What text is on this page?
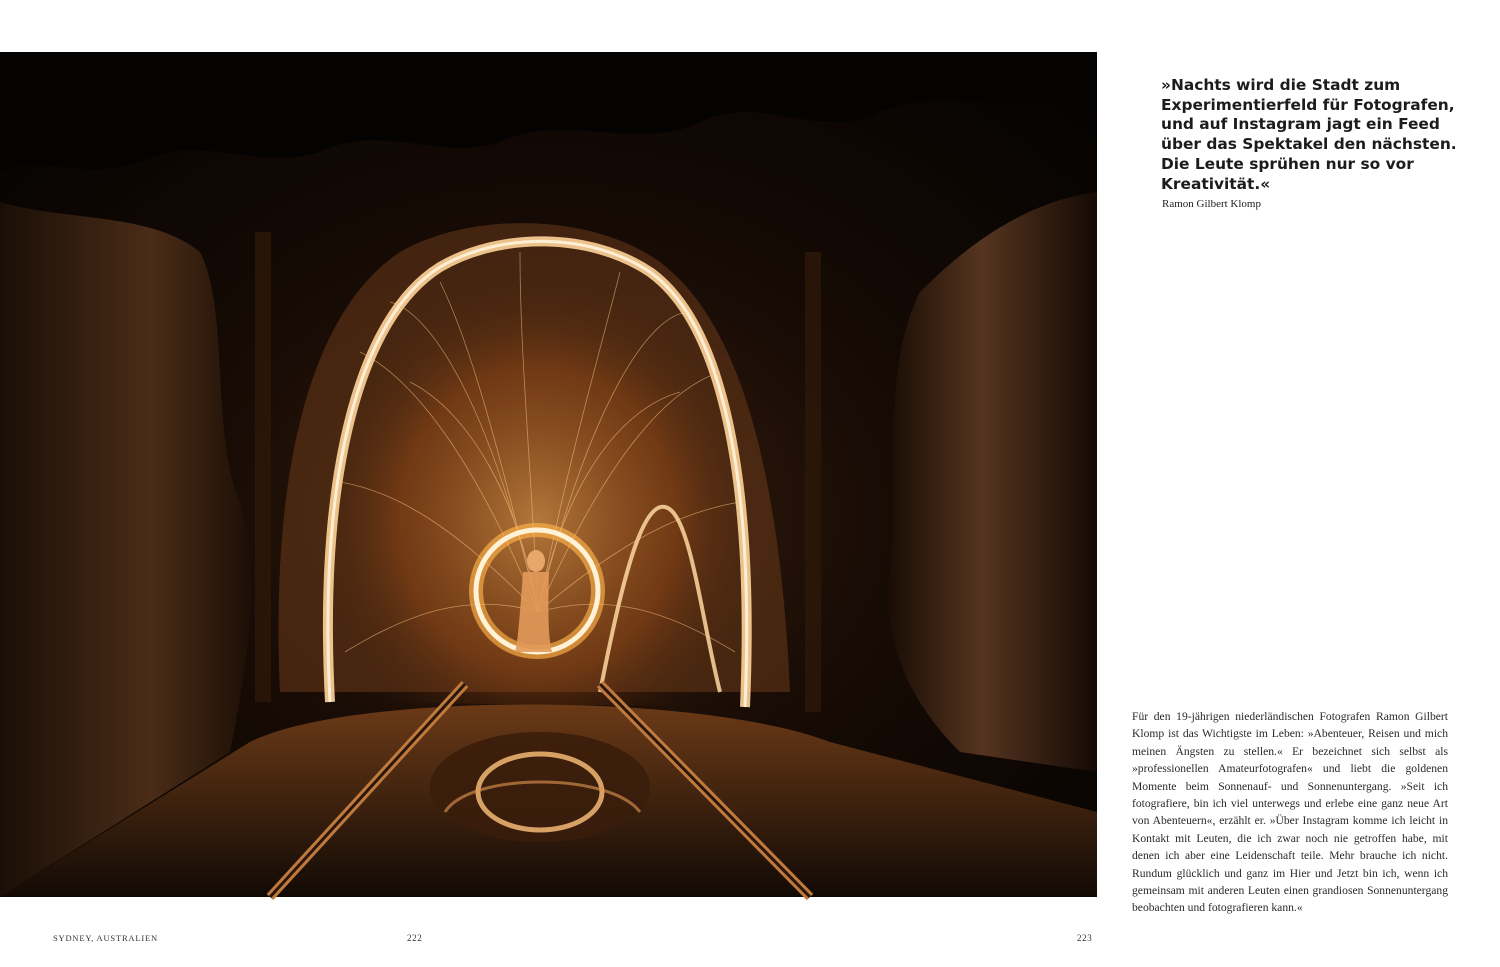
Die Tunnel of Helensburgh, Australien

»Nachts wird die Stadt zum Experimentierfeld für Fotografen, und auf Instagram jagt ein Feed über das Spektakel den nächsten. Die Leute sprühen nur so vor Kreativität.«

Ramon Gilbert Klomp

Für den 19-jährigen niederländischen Fotografen Ramon Gilbert Klomp ist das Wichtigste im Leben: »Abenteuer, Reisen und mich meinen Ängsten zu stellen.« Er bezeichnet sich selbst als »professionellen Amateurfotografen« und liebt die goldenen Momente beim Sonnenauf- und Sonnenuntergang. »Seit ich fotografiere, bin ich viel unterwegs und erlebe eine ganz neue Art von Abenteuern«, erzählt er. »Über Instagram komme ich leicht in Kontakt mit Leuten, die ich zwar noch nie getroffen habe, mit denen ich aber eine Leidenschaft teile. Mehr brauche ich nicht. Rundum glücklich und ganz im Hier und Jetzt bin ich, wenn ich gemeinsam mit anderen Leuten einen grandiosen Sonnenuntergang beobachten und fotografieren kann.«

SYDNEY, AUSTRALIEN	222	223
